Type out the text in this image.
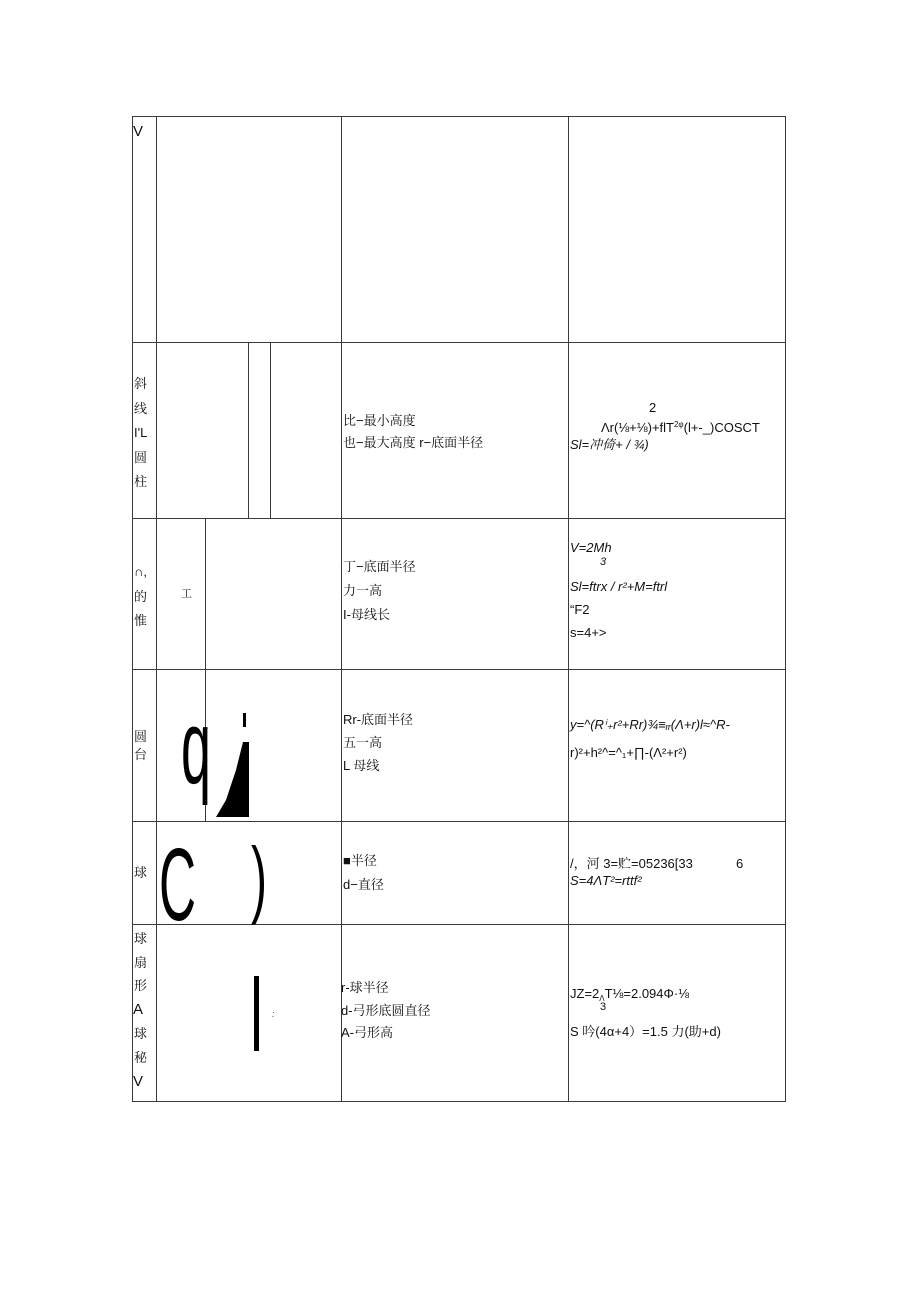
V
斜
线
I'L
圆
柱
比−最小高度
也−最大高度 r−底面半径
2
Λr(⅛+⅛)+flT$^{2\varphi}$(l+-_)COSCT
Sl=冲倚+ / ¾)
∩,
的
惟
工
丁−底面半径
力一高
I-母线长
V=2Mh
3
Sl=ftrx / r²+M=ftrl
“F2
s=4+>
圆
台
Rr-底面半径
五一高
L 母线
y=^(Rⁱ₊r²+Rr)¾≡ᵣᵣ(Λ+r)l≈^R-
r)²+h²^=^₁+∏-(Λ²+r²)
球
■半径
d−直径
/，河 3=贮=05236[33	6
S=4ΛT²=rttf²
球
扇
形
A
球
秘
V
r-球半径
d-弓形底圆直径
A-弓形高
$JZ=2_\Lambda T\frac{1}{8}=2.094\Phi\cdot\frac{1}{8}$
3
S 吟(4α+4）=1.5 力(助+d)
q
C )
:
